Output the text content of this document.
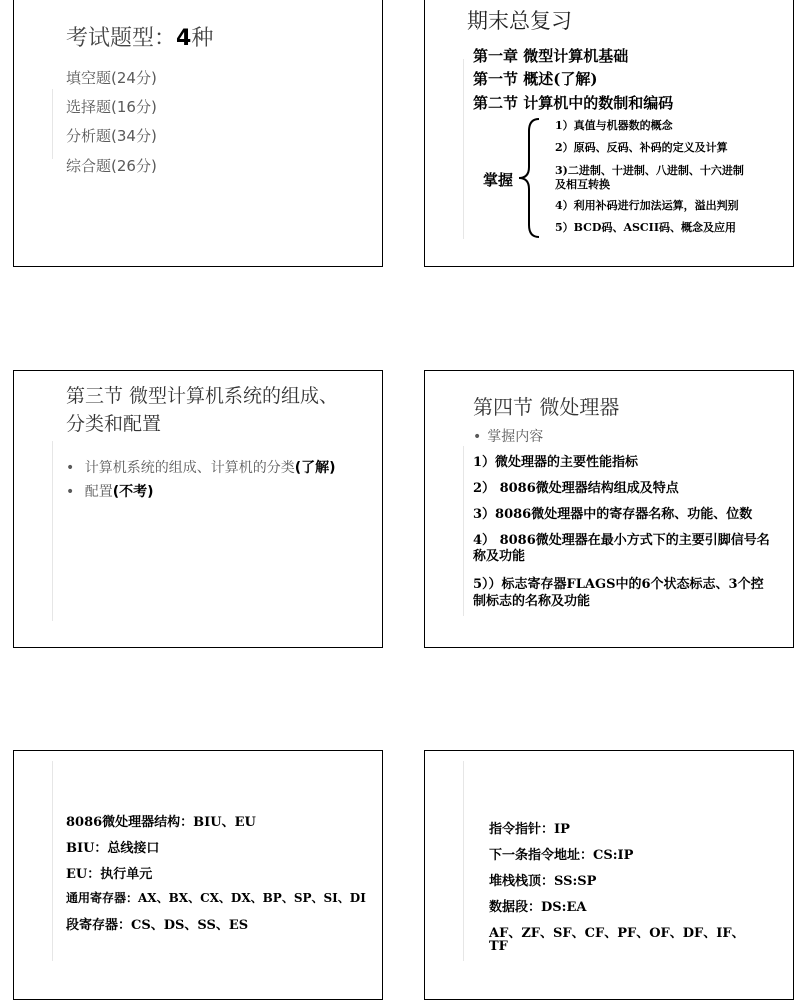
考试题型：4种
填空题(24分)
选择题(16分)
分析题(34分)
综合题(26分)
期末总复习
第一章 微型计算机基础
第一节 概述(了解)
第二节 计算机中的数制和编码
掌握
1）真值与机器数的概念
2）原码、反码、补码的定义及计算
3)二进制、十进制、八进制、十六进制
及相互转换
4）利用补码进行加法运算，溢出判别
5）BCD码、ASCII码、概念及应用
第三节 微型计算机系统的组成、
分类和配置
• 计算机系统的组成、计算机的分类(了解)
• 配置(不考)
第四节 微处理器
• 掌握内容
1）微处理器的主要性能指标
2） 8086微处理器结构组成及特点
3）8086微处理器中的寄存器名称、功能、位数
4） 8086微处理器在最小方式下的主要引脚信号名
称及功能
5））标志寄存器FLAGS中的6个状态标志、3个控
制标志的名称及功能
8086微处理器结构：BIU、EU
BIU：总线接口
EU：执行单元
通用寄存器：AX、BX、CX、DX、BP、SP、SI、DI
段寄存器：CS、DS、SS、ES
指令指针：IP
下一条指令地址：CS:IP
堆栈栈顶：SS:SP
数据段：DS:EA
AF、ZF、SF、CF、PF、OF、DF、IF、
TF
